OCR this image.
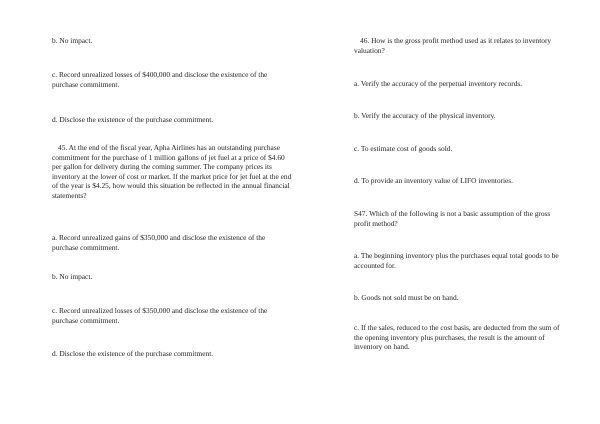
b. No impact.

c. Record unrealized losses of $400,000 and disclose the existence of the purchase commitment.

d. Disclose the existence of the purchase commitment.

45. At the end of the fiscal year, Apha Airlines has an outstanding purchase commitment for the purchase of 1 million gallons of jet fuel at a price of $4.60 per gallon for delivery during the coming summer. The company prices its inventory at the lower of cost or market. If the market price for jet fuel at the end of the year is $4.25, how would this situation be reflected in the annual financial statements?

a. Record unrealized gains of $350,000 and disclose the existence of the purchase commitment.

b. No impact.

c. Record unrealized losses of $350,000 and disclose the existence of the purchase commitment.

d. Disclose the existence of the purchase commitment.

46. How is the gross profit method used as it relates to inventory valuation?

a. Verify the accuracy of the perpetual inventory records.

b. Verify the accuracy of the physical inventory.

c. To estimate cost of goods sold.

d. To provide an inventory value of LIFO inventories.

S47. Which of the following is not a basic assumption of the gross profit method?

a. The beginning inventory plus the purchases equal total goods to be accounted for.

b. Goods not sold must be on hand.

c. If the sales, reduced to the cost basis, are deducted from the sum of the opening inventory plus purchases, the result is the amount of inventory on hand.
